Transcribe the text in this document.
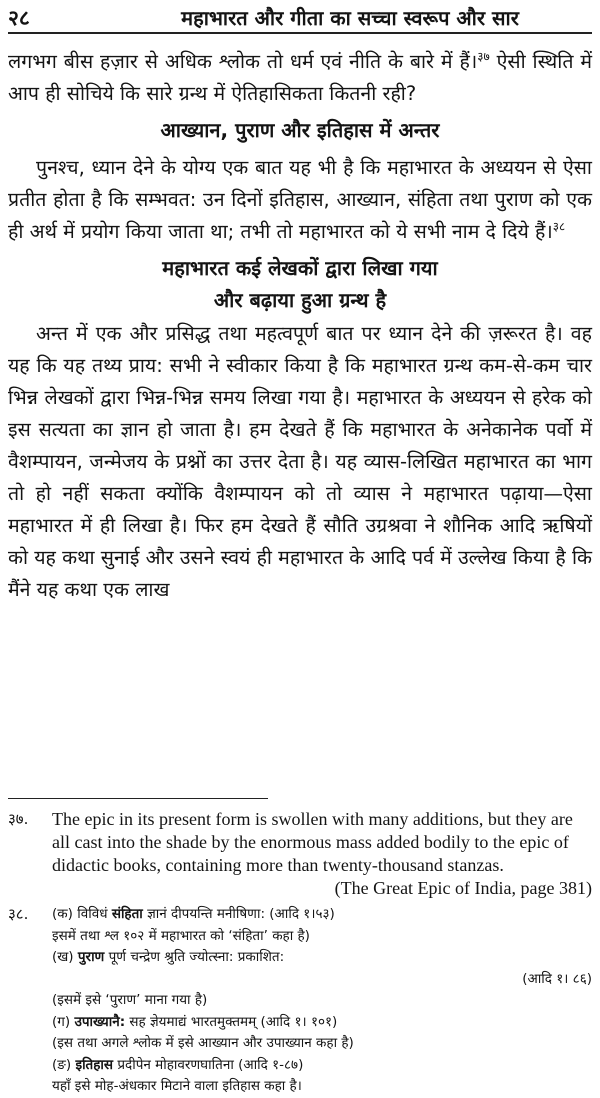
२८	महाभारत और गीता का सच्चा स्वरूप और सार

लगभग बीस हज़ार से अधिक श्लोक तो धर्म एवं नीति के बारे में हैं।$^{३७}$ ऐसी स्थिति में आप ही सोचिये कि सारे ग्रन्थ में ऐतिहासिकता कितनी रही?

आख्यान, पुराण और इतिहास में अन्तर

पुनश्च, ध्यान देने के योग्य एक बात यह भी है कि महाभारत के अध्ययन से ऐसा प्रतीत होता है कि सम्भवत: उन दिनों इतिहास, आख्यान, संहिता तथा पुराण को एक ही अर्थ में प्रयोग किया जाता था; तभी तो महाभारत को ये सभी नाम दे दिये हैं।$^{३८}$

महाभारत कई लेखकों द्वारा लिखा गया
और बढ़ाया हुआ ग्रन्थ है

अन्त में एक और प्रसिद्ध तथा महत्वपूर्ण बात पर ध्यान देने की ज़रूरत है। वह यह कि यह तथ्य प्राय: सभी ने स्वीकार किया है कि महाभारत ग्रन्थ कम-से-कम चार भिन्न लेखकों द्वारा भिन्न-भिन्न समय लिखा गया है। महाभारत के अध्ययन से हरेक को इस सत्यता का ज्ञान हो जाता है। हम देखते हैं कि महाभारत के अनेकानेक पर्वो में वैशम्पायन, जन्मेजय के प्रश्नों का उत्तर देता है। यह व्यास-लिखित महाभारत का भाग तो हो नहीं सकता क्योंकि वैशम्पायन को तो व्यास ने महाभारत पढ़ाया—ऐसा महाभारत में ही लिखा है। फिर हम देखते हैं सौति उग्रश्रवा ने शौनिक आदि ऋषियों को यह कथा सुनाई और उसने स्वयं ही महाभारत के आदि पर्व में उल्लेख किया है कि मैंने यह कथा एक लाख

३७.	The epic in its present form is swollen with many additions, but they are all cast into the shade by the enormous mass added bodily to the epic of didactic books, containing more than twenty-thousand stanzas.
(The Great Epic of India, page 381)
३८.	(क) विविधं संहिता ज्ञानं दीपयन्ति मनीषिणा: (आदि १।५३)
इसमें तथा श्ल १०२ में महाभारत को ‘संहिता’ कहा है)
(ख) पुराण पूर्ण चन्द्रेण श्रुति ज्योत्स्ना: प्रकाशित:
(आदि १। ८६)
(इसमें इसे ‘पुराण’ माना गया है)
(ग) उपाख्यानै: सह ज्ञेयमाद्यं भारतमुक्तमम् (आदि १। १०१)
(इस तथा अगले श्लोक में इसे आख्यान और उपाख्यान कहा है)
(ङ) इतिहास प्रदीपेन मोहावरणघातिना (आदि १-८७)
यहाँ इसे मोह-अंधकार मिटाने वाला इतिहास कहा है।
